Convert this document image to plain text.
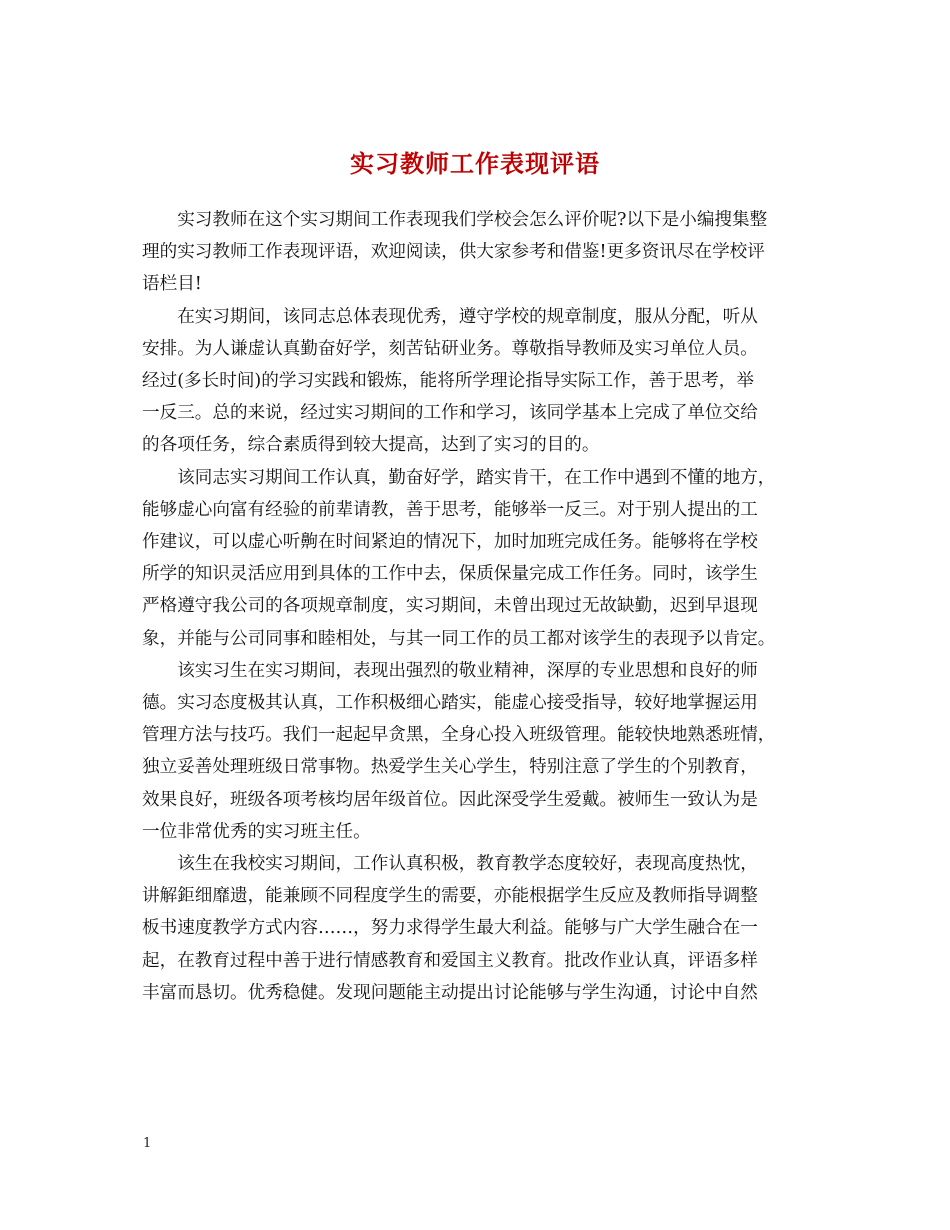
实习教师工作表现评语

实习教师在这个实习期间工作表现我们学校会怎么评价呢?以下是小编搜集整
理的实习教师工作表现评语，欢迎阅读，供大家参考和借鉴!更多资讯尽在学校评
语栏目!

在实习期间，该同志总体表现优秀，遵守学校的规章制度，服从分配，听从
安排。为人谦虚认真勤奋好学，刻苦钻研业务。尊敬指导教师及实习单位人员。
经过(多长时间)的学习实践和锻炼，能将所学理论指导实际工作，善于思考，举
一反三。总的来说，经过实习期间的工作和学习，该同学基本上完成了单位交给
的各项任务，综合素质得到较大提高，达到了实习的目的。

该同志实习期间工作认真，勤奋好学，踏实肯干，在工作中遇到不懂的地方，
能够虚心向富有经验的前辈请教，善于思考，能够举一反三。对于别人提出的工
作建议，可以虚心听齁在时间紧迫的情况下，加时加班完成任务。能够将在学校
所学的知识灵活应用到具体的工作中去，保质保量完成工作任务。同时，该学生
严格遵守我公司的各项规章制度，实习期间，未曾出现过无故缺勤，迟到早退现
象，并能与公司同事和睦相处，与其一同工作的员工都对该学生的表现予以肯定。

该实习生在实习期间，表现出强烈的敬业精神，深厚的专业思想和良好的师
德。实习态度极其认真，工作积极细心踏实，能虚心接受指导，较好地掌握运用
管理方法与技巧。我们一起起早贪黑，全身心投入班级管理。能较快地熟悉班情，
独立妥善处理班级日常事物。热爱学生关心学生，特别注意了学生的个别教育，
效果良好，班级各项考核均居年级首位。因此深受学生爱戴。被师生一致认为是
一位非常优秀的实习班主任。

该生在我校实习期间，工作认真积极，教育教学态度较好，表现高度热忱，
讲解鉅细靡遗，能兼顾不同程度学生的需要，亦能根据学生反应及教师指导调整
板书速度教学方式内容……，努力求得学生最大利益。能够与广大学生融合在一
起，在教育过程中善于进行情感教育和爱国主义教育。批改作业认真，评语多样
丰富而恳切。优秀稳健。发现问题能主动提出讨论能够与学生沟通，讨论中自然

1
